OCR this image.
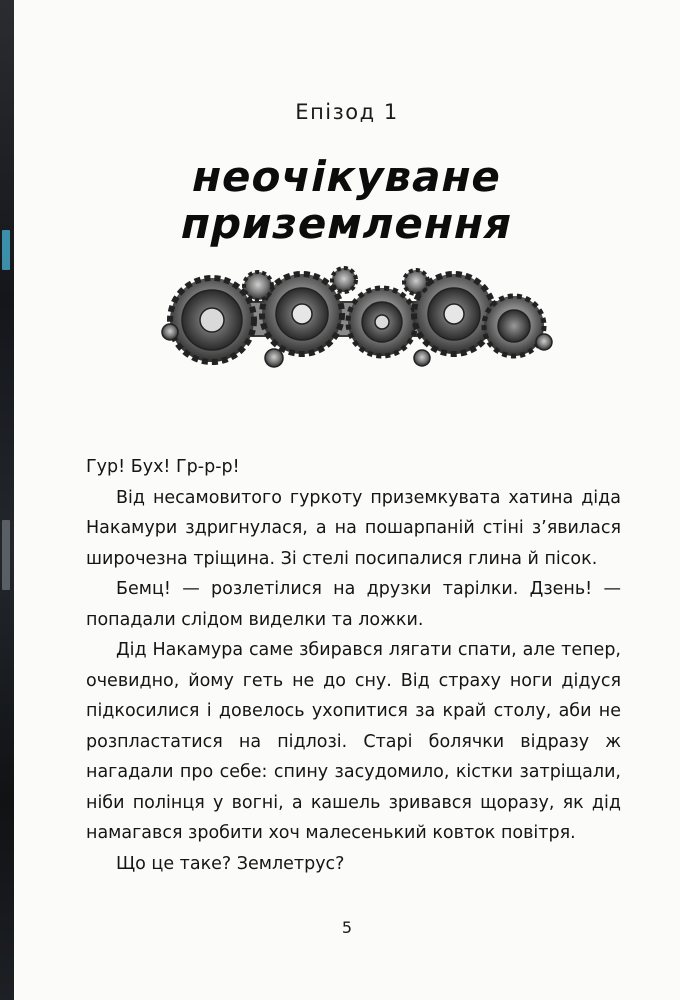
Епізод 1
неочікуване
приземлення

Гур! Бух! Гр-р-р!

Від несамовитого гуркоту приземкувата хатина діда Накамури здригнулася, а на пошарпаній стіні з’явилася широчезна тріщина. Зі стелі посипалися глина й пісок.

Бемц! — розлетілися на друзки тарілки. Дзень! — попадали слідом виделки та ложки.

Дід Накамура саме збирався лягати спати, але тепер, очевидно, йому геть не до сну. Від страху ноги дідуся підкосилися і довелось ухопитися за край столу, аби не розпластатися на підлозі. Старі болячки відразу ж нагадали про себе: спину засудомило, кістки затріщали, ніби полінця у вогні, а кашель зривався щоразу, як дід намагався зробити хоч малесенький ковток повітря.

Що це таке? Землетрус?

5
